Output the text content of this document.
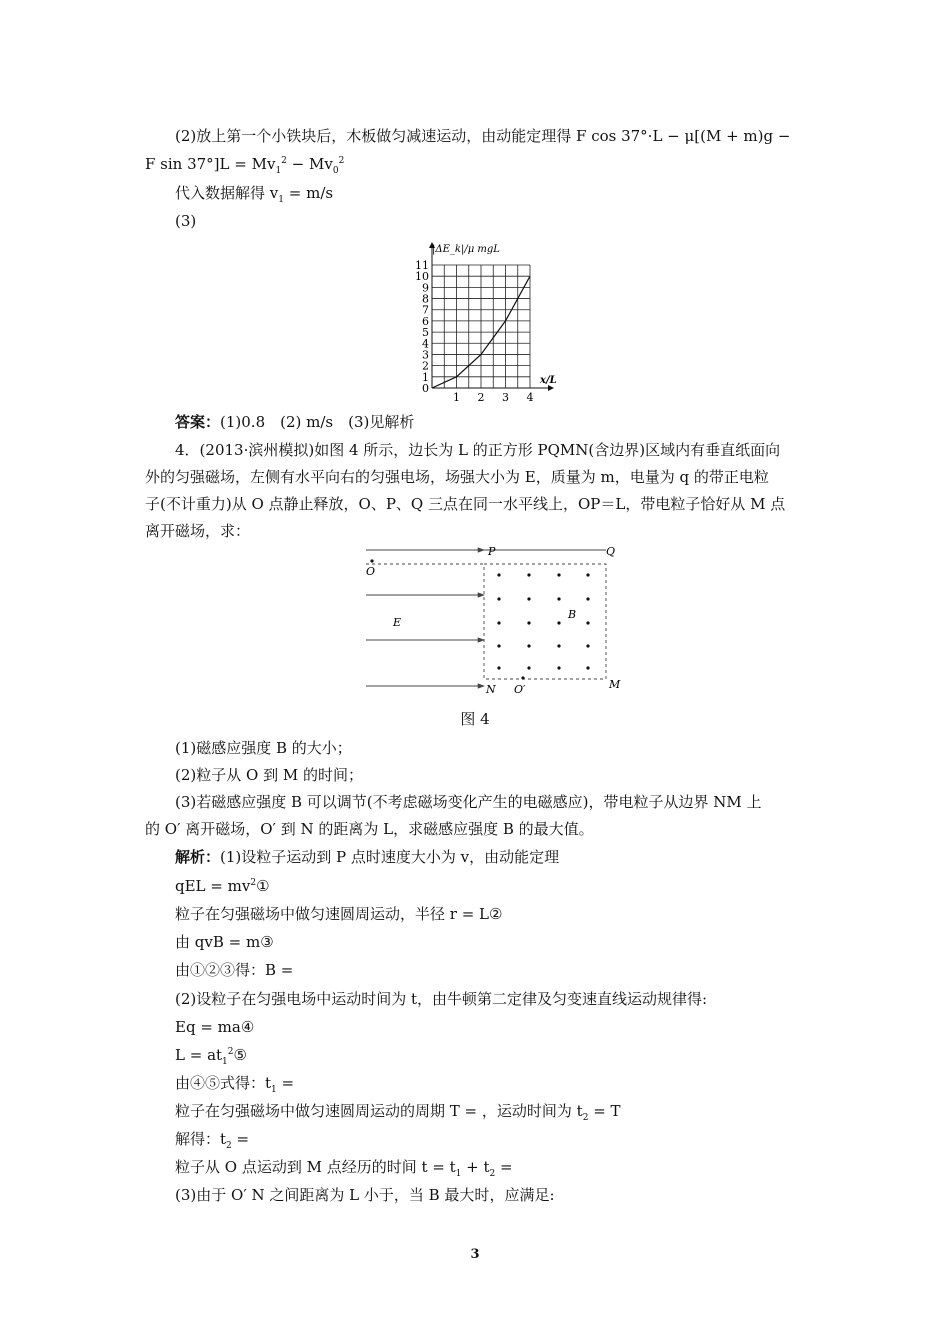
(2)放上第一个小铁块后，木板做匀减速运动，由动能定理得 F cos 37°·L − μ[(M + m)g −
F $\sin 37^\circ]L = Mv_1^2 - Mv_0^2$
代入数据解得 $v_1 = m/s$
(3)
0
1
2
3
4
5
6
7
8
9
10
11
1 2 3 4
|ΔE_k|/μ mgL
x/L
答案：(1)0.8　(2) m/s　(3)见解析
4．(2013·滨州模拟)如图 4 所示，边长为 L 的正方形 PQMN(含边界)区域内有垂直纸面向
外的匀强磁场，左侧有水平向右的匀强电场，场强大小为 E，质量为 m，电量为 q 的带正电粒
子(不计重力)从 O 点静止释放，O、P、Q 三点在同一水平线上，OP＝L，带电粒子恰好从 M 点
离开磁场，求：
P	Q
O
E
B
N O′	M
图 4
(1)磁感应强度 B 的大小；
(2)粒子从 O 到 M 的时间；
(3)若磁感应强度 B 可以调节(不考虑磁场变化产生的电磁感应)，带电粒子从边界 NM 上
的 O′ 离开磁场，O′ 到 N 的距离为 L，求磁感应强度 B 的最大值。
解析：(1)设粒子运动到 P 点时速度大小为 v，由动能定理
qEL = $mv^2①$
粒子在匀强磁场中做匀速圆周运动，半径 r = L②
由 qvB = m③
由①②③得：B =
(2)设粒子在匀强电场中运动时间为 t，由牛顿第二定律及匀变速直线运动规律得:
Eq = ma④
$L = at_1^2⑤$
由④⑤式得：$t_1$ =
粒子在匀强磁场中做匀速圆周运动的周期 T = ，运动时间为 $t_2 = T$
解得：$t_2$ =
粒子从 O 点运动到 M 点经历的时间 $t = t_1 + t_2$ =
(3)由于 O′ N 之间距离为 L 小于，当 B 最大时，应满足:
3
